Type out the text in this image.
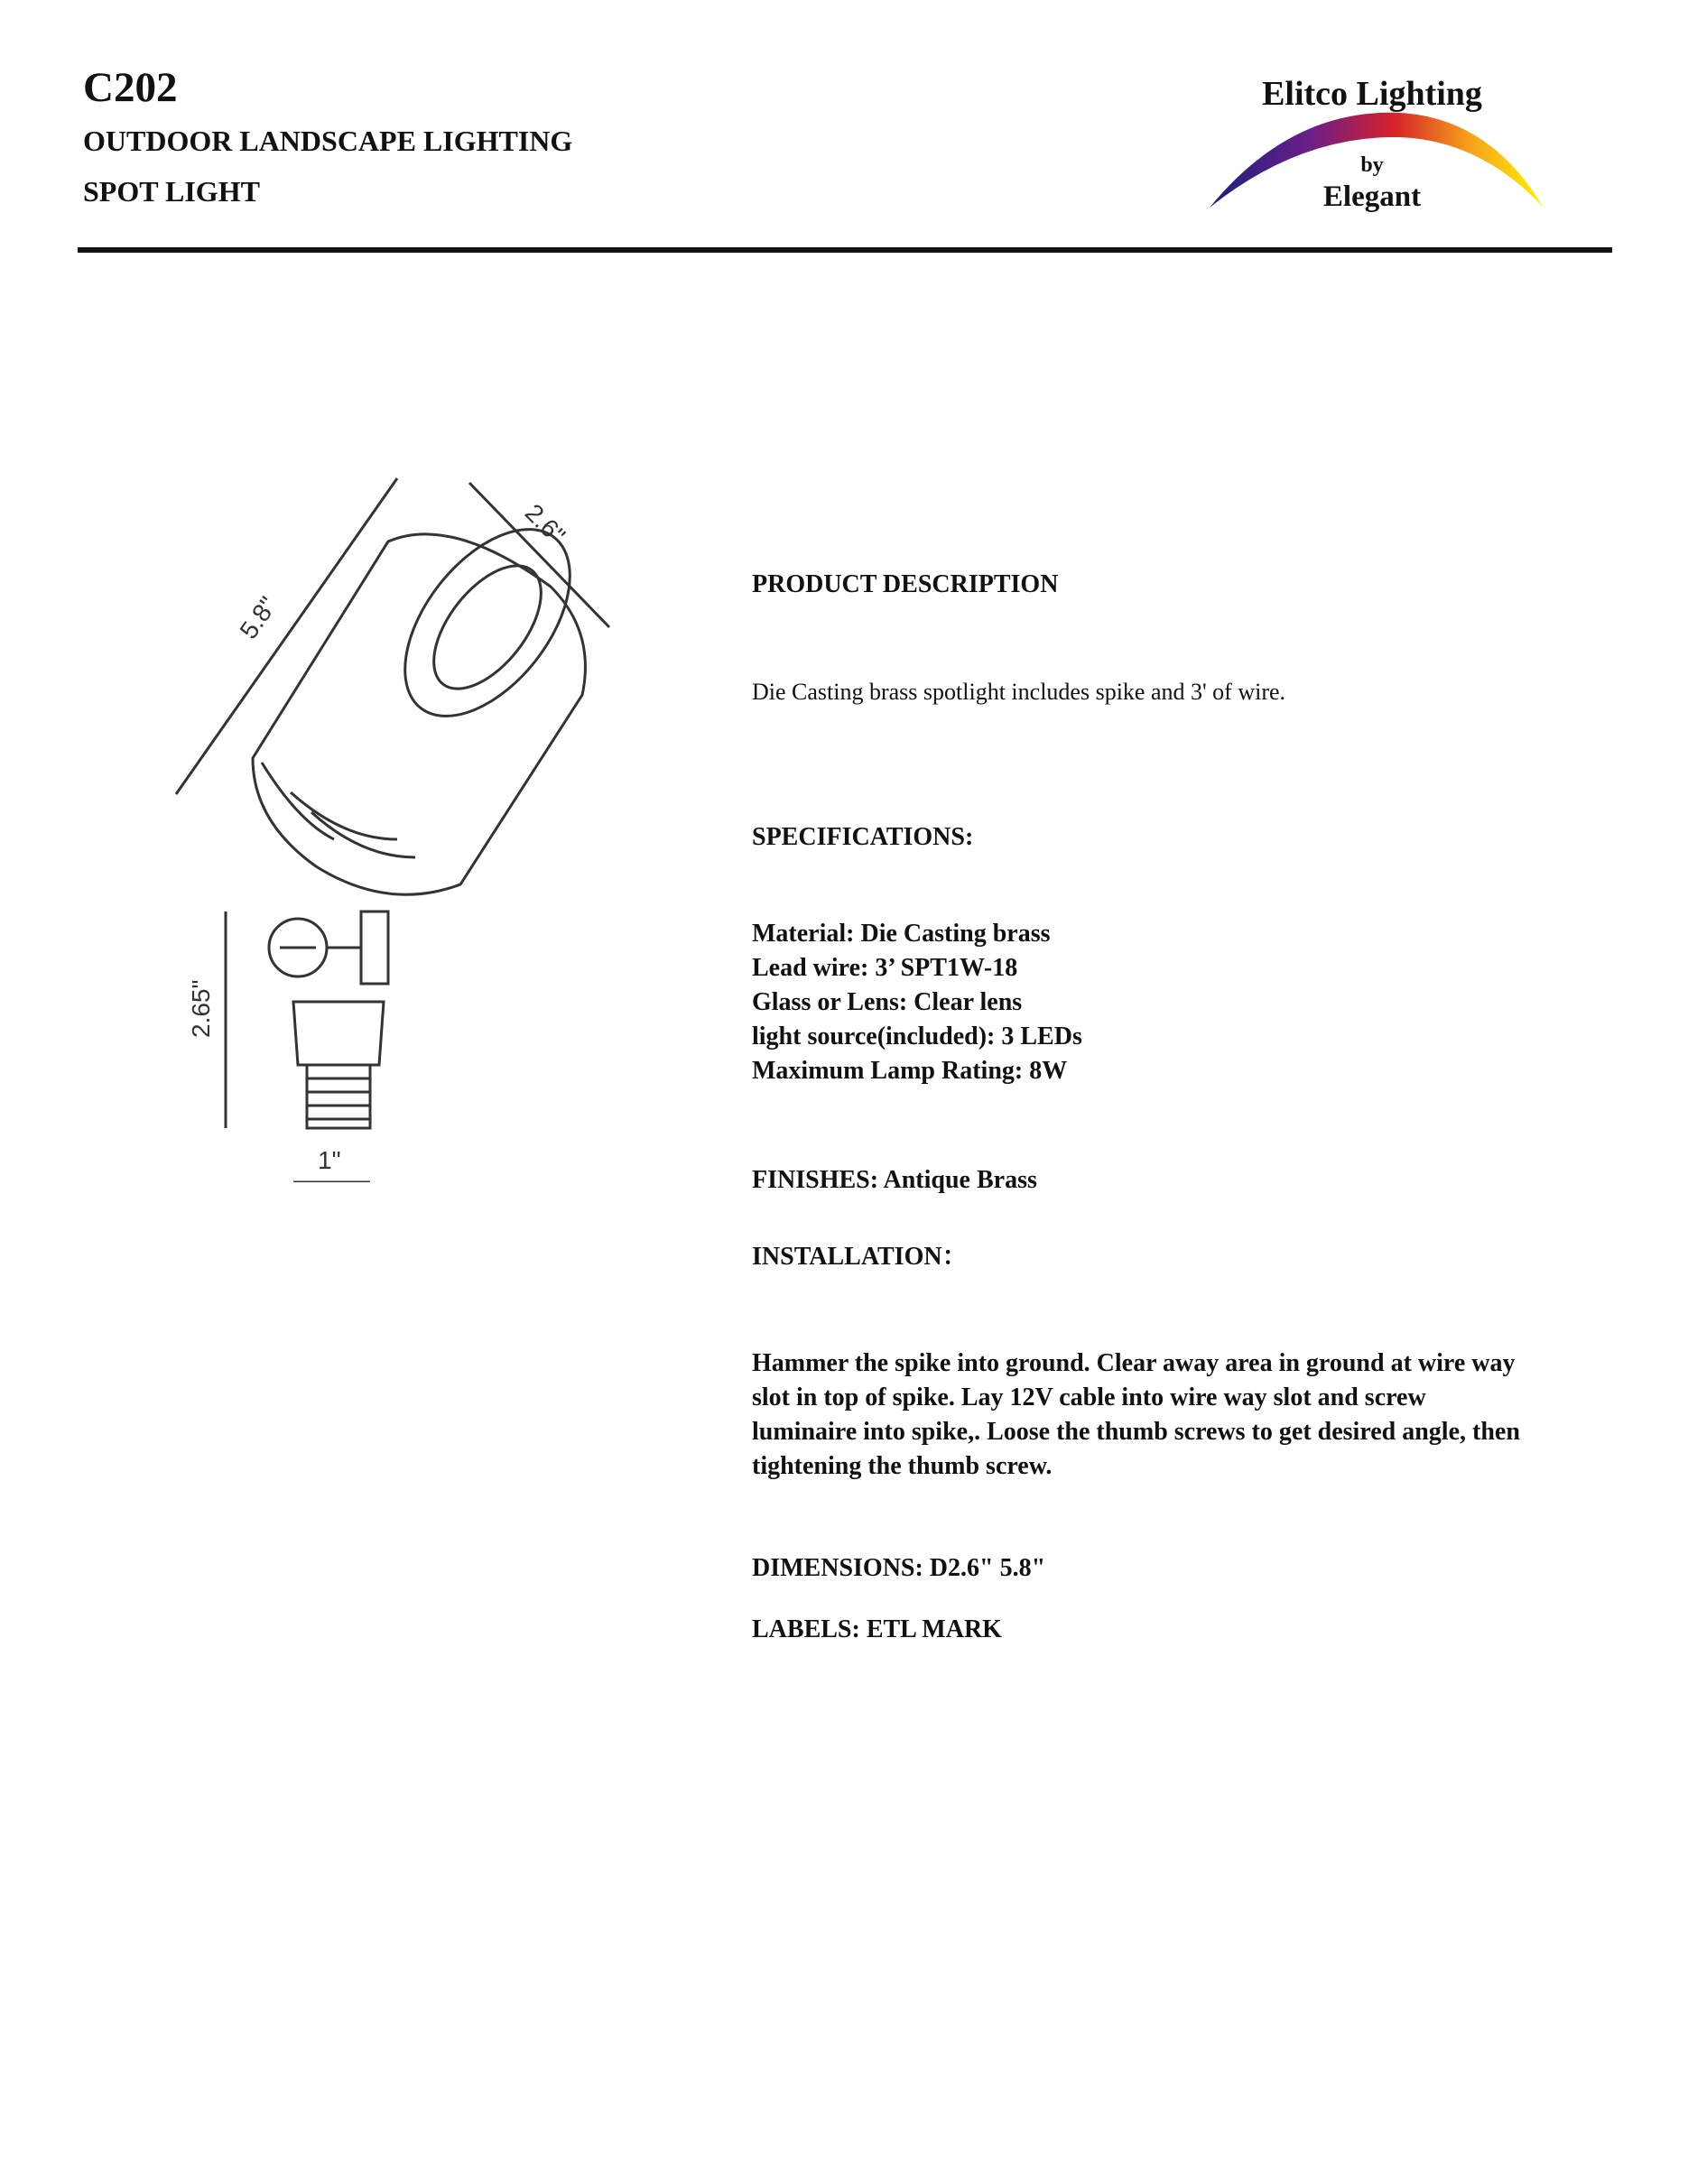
C202
OUTDOOR LANDSCAPE LIGHTING
SPOT LIGHT
Elitco Lighting
by
Elegant
5.8"
2.6"
2.65"
1"
PRODUCT DESCRIPTION
Die Casting brass spotlight includes spike and 3' of wire.
SPECIFICATIONS:
Material: Die Casting brass
Lead wire: 3’ SPT1W-18
Glass or Lens: Clear lens
light source(included): 3 LEDs
Maximum Lamp Rating: 8W
FINISHES: Antique Brass
INSTALLATION：
Hammer the spike into ground. Clear away area in ground at wire way
slot in top of spike. Lay 12V cable into wire way slot and screw
luminaire into spike,. Loose the thumb screws to get desired angle, then
tightening the thumb screw.
DIMENSIONS: D2.6" 5.8"
LABELS: ETL MARK
